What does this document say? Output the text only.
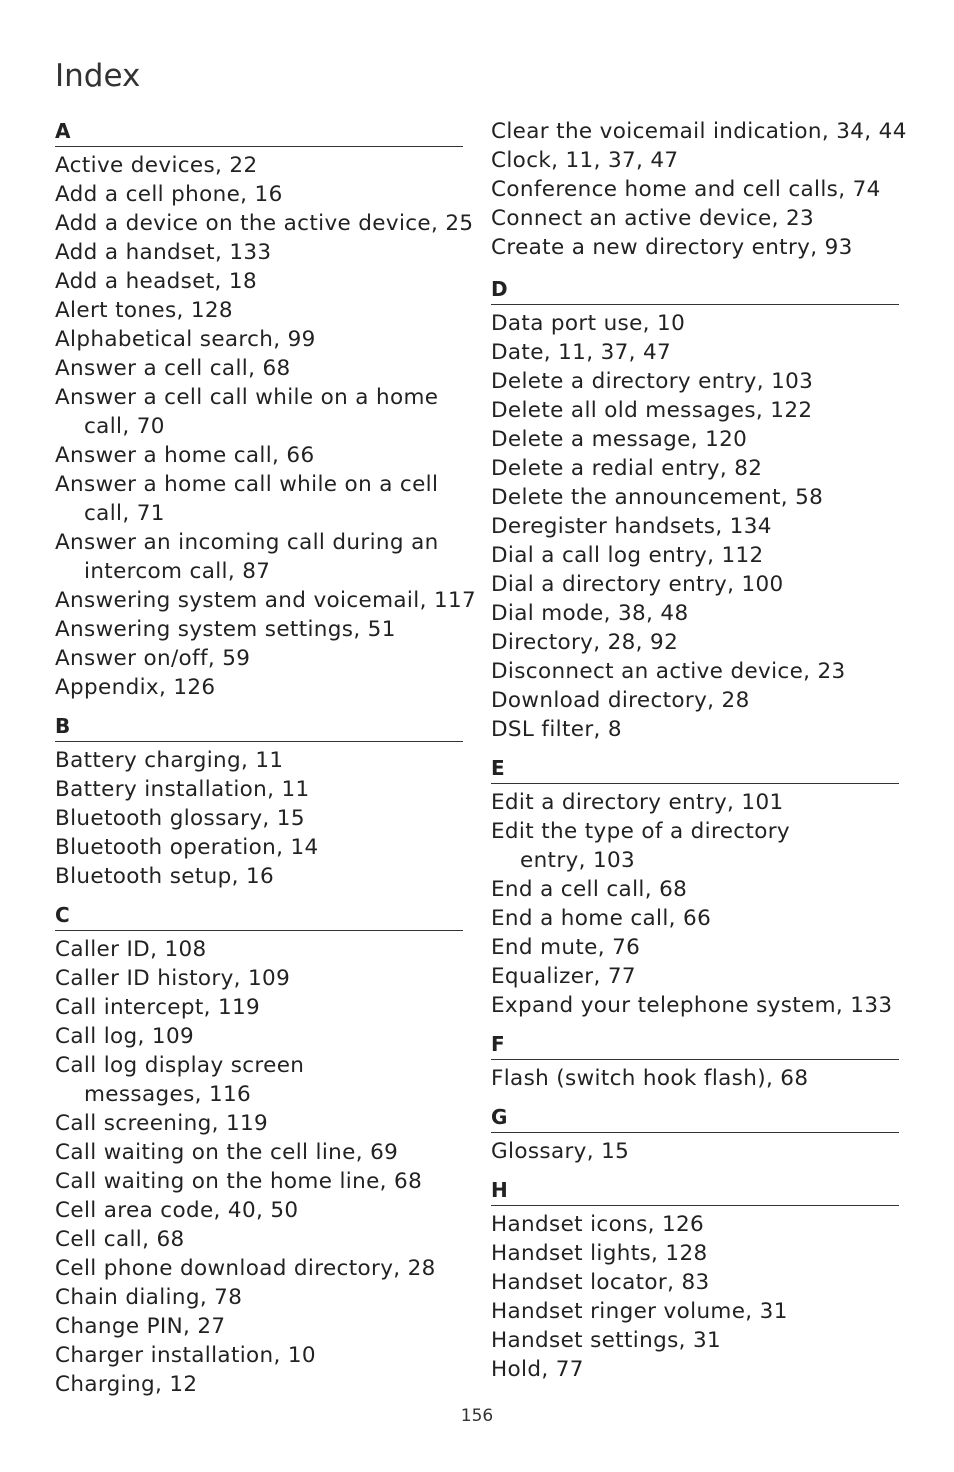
Index
A
Active devices, 22
Add a cell phone, 16
Add a device on the active device, 25
Add a handset, 133
Add a headset, 18
Alert tones, 128
Alphabetical search, 99
Answer a cell call, 68
Answer a cell call while on a home
call, 70
Answer a home call, 66
Answer a home call while on a cell
call, 71
Answer an incoming call during an
intercom call, 87
Answering system and voicemail, 117
Answering system settings, 51
Answer on/off, 59
Appendix, 126
B
Battery charging, 11
Battery installation, 11
Bluetooth glossary, 15
Bluetooth operation, 14
Bluetooth setup, 16
C
Caller ID, 108
Caller ID history, 109
Call intercept, 119
Call log, 109
Call log display screen
messages, 116
Call screening, 119
Call waiting on the cell line, 69
Call waiting on the home line, 68
Cell area code, 40, 50
Cell call, 68
Cell phone download directory, 28
Chain dialing, 78
Change PIN, 27
Charger installation, 10
Charging, 12
Clear the voicemail indication, 34, 44
Clock, 11, 37, 47
Conference home and cell calls, 74
Connect an active device, 23
Create a new directory entry, 93
D
Data port use, 10
Date, 11, 37, 47
Delete a directory entry, 103
Delete all old messages, 122
Delete a message, 120
Delete a redial entry, 82
Delete the announcement, 58
Deregister handsets, 134
Dial a call log entry, 112
Dial a directory entry, 100
Dial mode, 38, 48
Directory, 28, 92
Disconnect an active device, 23
Download directory, 28
DSL filter, 8
E
Edit a directory entry, 101
Edit the type of a directory
entry, 103
End a cell call, 68
End a home call, 66
End mute, 76
Equalizer, 77
Expand your telephone system, 133
F
Flash (switch hook flash), 68
G
Glossary, 15
H
Handset icons, 126
Handset lights, 128
Handset locator, 83
Handset ringer volume, 31
Handset settings, 31
Hold, 77
156
